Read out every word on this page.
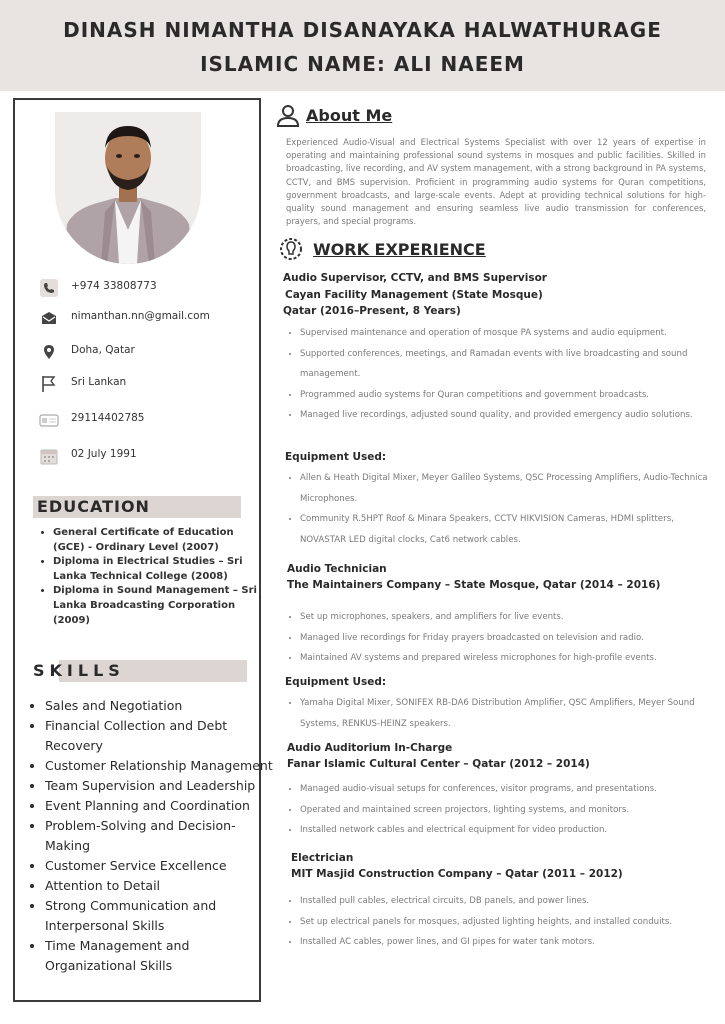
DINASH NIMANTHA DISANAYAKA HALWATHURAGE
ISLAMIC NAME: ALI NAEEM
+974 33808773
nimanthan.nn@gmail.com
Doha, Qatar
Sri Lankan
29114402785
02 July 1991
EDUCATION
• General Certificate of Education (GCE) - Ordinary Level (2007)
• Diploma in Electrical Studies – Sri Lanka Technical College (2008)
• Diploma in Sound Management – Sri Lanka Broadcasting Corporation (2009)
SKILLS
• Sales and Negotiation
• Financial Collection and Debt Recovery
• Customer Relationship Management
• Team Supervision and Leadership
• Event Planning and Coordination
• Problem-Solving and Decision-Making
• Customer Service Excellence
• Attention to Detail
• Strong Communication and Interpersonal Skills
• Time Management and Organizational Skills
About Me
Experienced Audio-Visual and Electrical Systems Specialist with over 12 years of expertise in operating and maintaining professional sound systems in mosques and public facilities. Skilled in broadcasting, live recording, and AV system management, with a strong background in PA systems, CCTV, and BMS supervision. Proficient in programming audio systems for Quran competitions, government broadcasts, and large-scale events. Adept at providing technical solutions for high-quality sound management and ensuring seamless live audio transmission for conferences, prayers, and special programs.
WORK EXPERIENCE
Audio Supervisor, CCTV, and BMS Supervisor
Cayan Facility Management (State Mosque)
Qatar (2016–Present, 8 Years)
• Supervised maintenance and operation of mosque PA systems and audio equipment.
• Supported conferences, meetings, and Ramadan events with live broadcasting and sound management.
• Programmed audio systems for Quran competitions and government broadcasts.
• Managed live recordings, adjusted sound quality, and provided emergency audio solutions.
Equipment Used:
• Allen & Heath Digital Mixer, Meyer Galileo Systems, QSC Processing Amplifiers, Audio-Technica Microphones.
• Community R.5HPT Roof & Minara Speakers, CCTV HIKVISION Cameras, HDMI splitters, NOVASTAR LED digital clocks, Cat6 network cables.
Audio Technician
The Maintainers Company – State Mosque, Qatar (2014 – 2016)
• Set up microphones, speakers, and amplifiers for live events.
• Managed live recordings for Friday prayers broadcasted on television and radio.
• Maintained AV systems and prepared wireless microphones for high-profile events.
Equipment Used:
• Yamaha Digital Mixer, SONIFEX RB-DA6 Distribution Amplifier, QSC Amplifiers, Meyer Sound Systems, RENKUS-HEINZ speakers.
Audio Auditorium In-Charge
Fanar Islamic Cultural Center – Qatar (2012 – 2014)
• Managed audio-visual setups for conferences, visitor programs, and presentations.
• Operated and maintained screen projectors, lighting systems, and monitors.
• Installed network cables and electrical equipment for video production.
Electrician
MIT Masjid Construction Company – Qatar (2011 – 2012)
• Installed pull cables, electrical circuits, DB panels, and power lines.
• Set up electrical panels for mosques, adjusted lighting heights, and installed conduits.
• Installed AC cables, power lines, and GI pipes for water tank motors.
